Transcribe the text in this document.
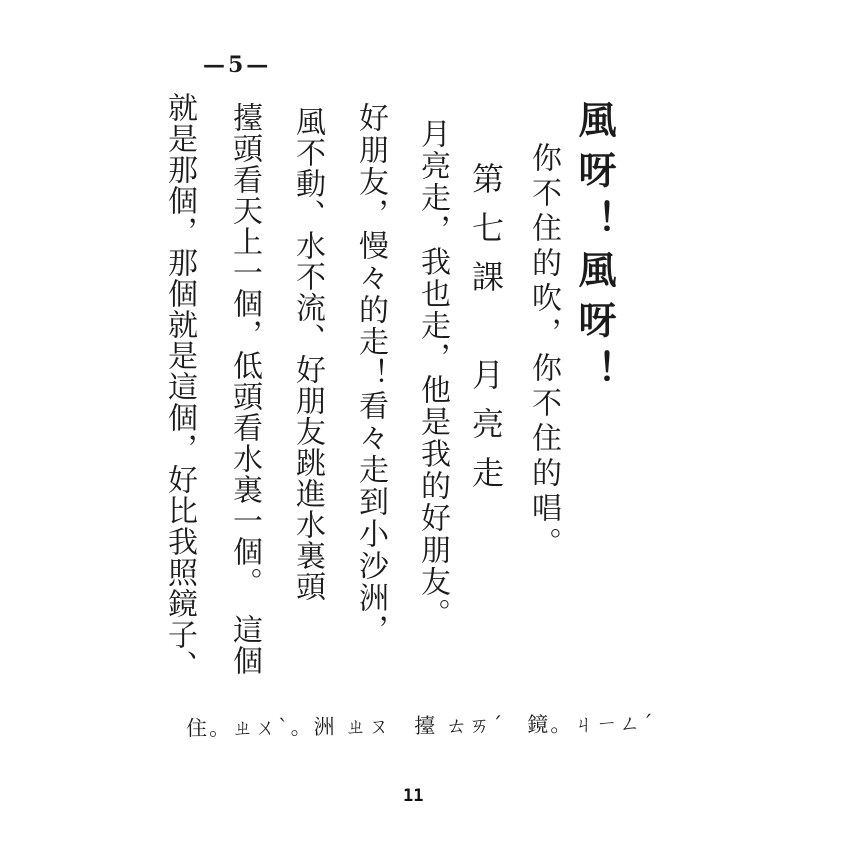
—5—
風呀！風呀！
你不住的吹，你不住的唱。
第七課　月亮走
月亮走，我也走，他是我的好朋友。
好朋友，慢々的走！看々走到小沙洲，
風不動、水不流、好朋友跳進水裏頭
擡頭看天上一個，低頭看水裏一個。　這個
就是那個，那個就是這個，好比我照鏡子、
住。ㄓㄨˋ。洲 ㄓㄡ　擡 ㄊㄞˊ　鏡。ㄐㄧㄥˊ
11
